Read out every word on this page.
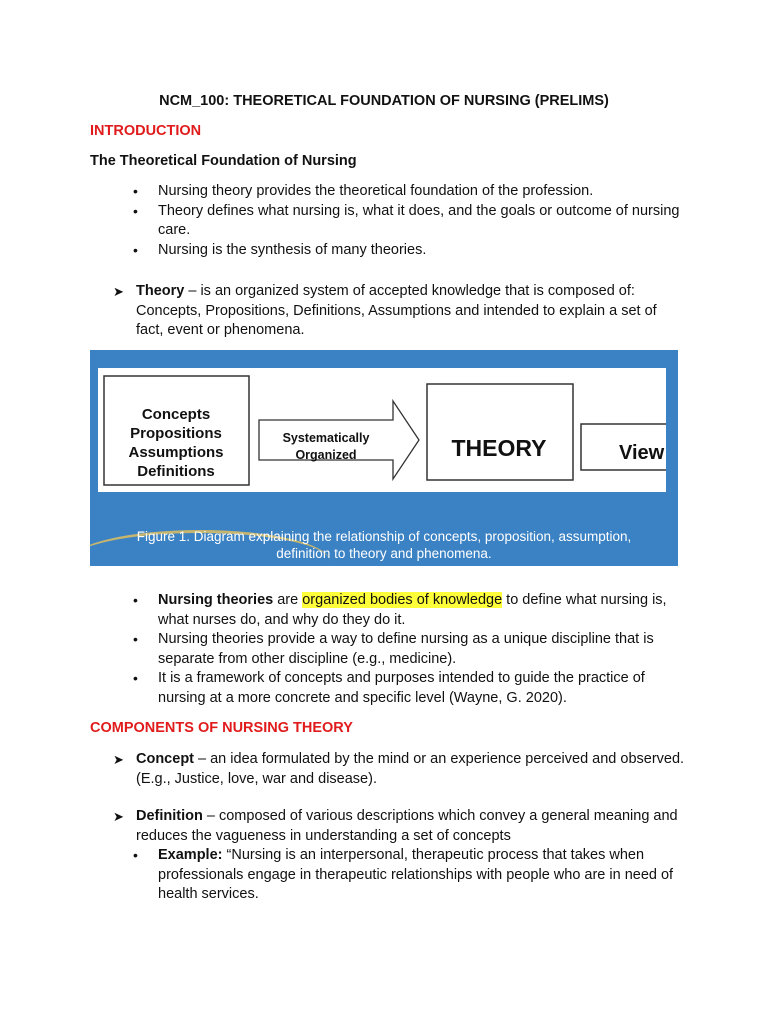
NCM_100: THEORETICAL FOUNDATION OF NURSING (PRELIMS)
INTRODUCTION
The Theoretical Foundation of Nursing
• Nursing theory provides the theoretical foundation of the profession.
• Theory defines what nursing is, what it does, and the goals or outcome of nursing care.
• Nursing is the synthesis of many theories.
➤ Theory – is an organized system of accepted knowledge that is composed of: Concepts, Propositions, Definitions, Assumptions and intended to explain a set of fact, event or phenomena.
Concepts
Propositions
Assumptions
Definitions
Systematically
Organized	THEORY	View
Figure 1. Diagram explaining the relationship of concepts, proposition, assumption,
definition to theory and phenomena.
• Nursing theories are organized bodies of knowledge to define what nursing is, what nurses do, and why do they do it.
• Nursing theories provide a way to define nursing as a unique discipline that is separate from other discipline (e.g., medicine).
• It is a framework of concepts and purposes intended to guide the practice of nursing at a more concrete and specific level (Wayne, G. 2020).
COMPONENTS OF NURSING THEORY
➤ Concept – an idea formulated by the mind or an experience perceived and observed. (E.g., Justice, love, war and disease).
➤ Definition – composed of various descriptions which convey a general meaning and reduces the vagueness in understanding a set of concepts
• Example: “Nursing is an interpersonal, therapeutic process that takes when professionals engage in therapeutic relationships with people who are in need of health services.
